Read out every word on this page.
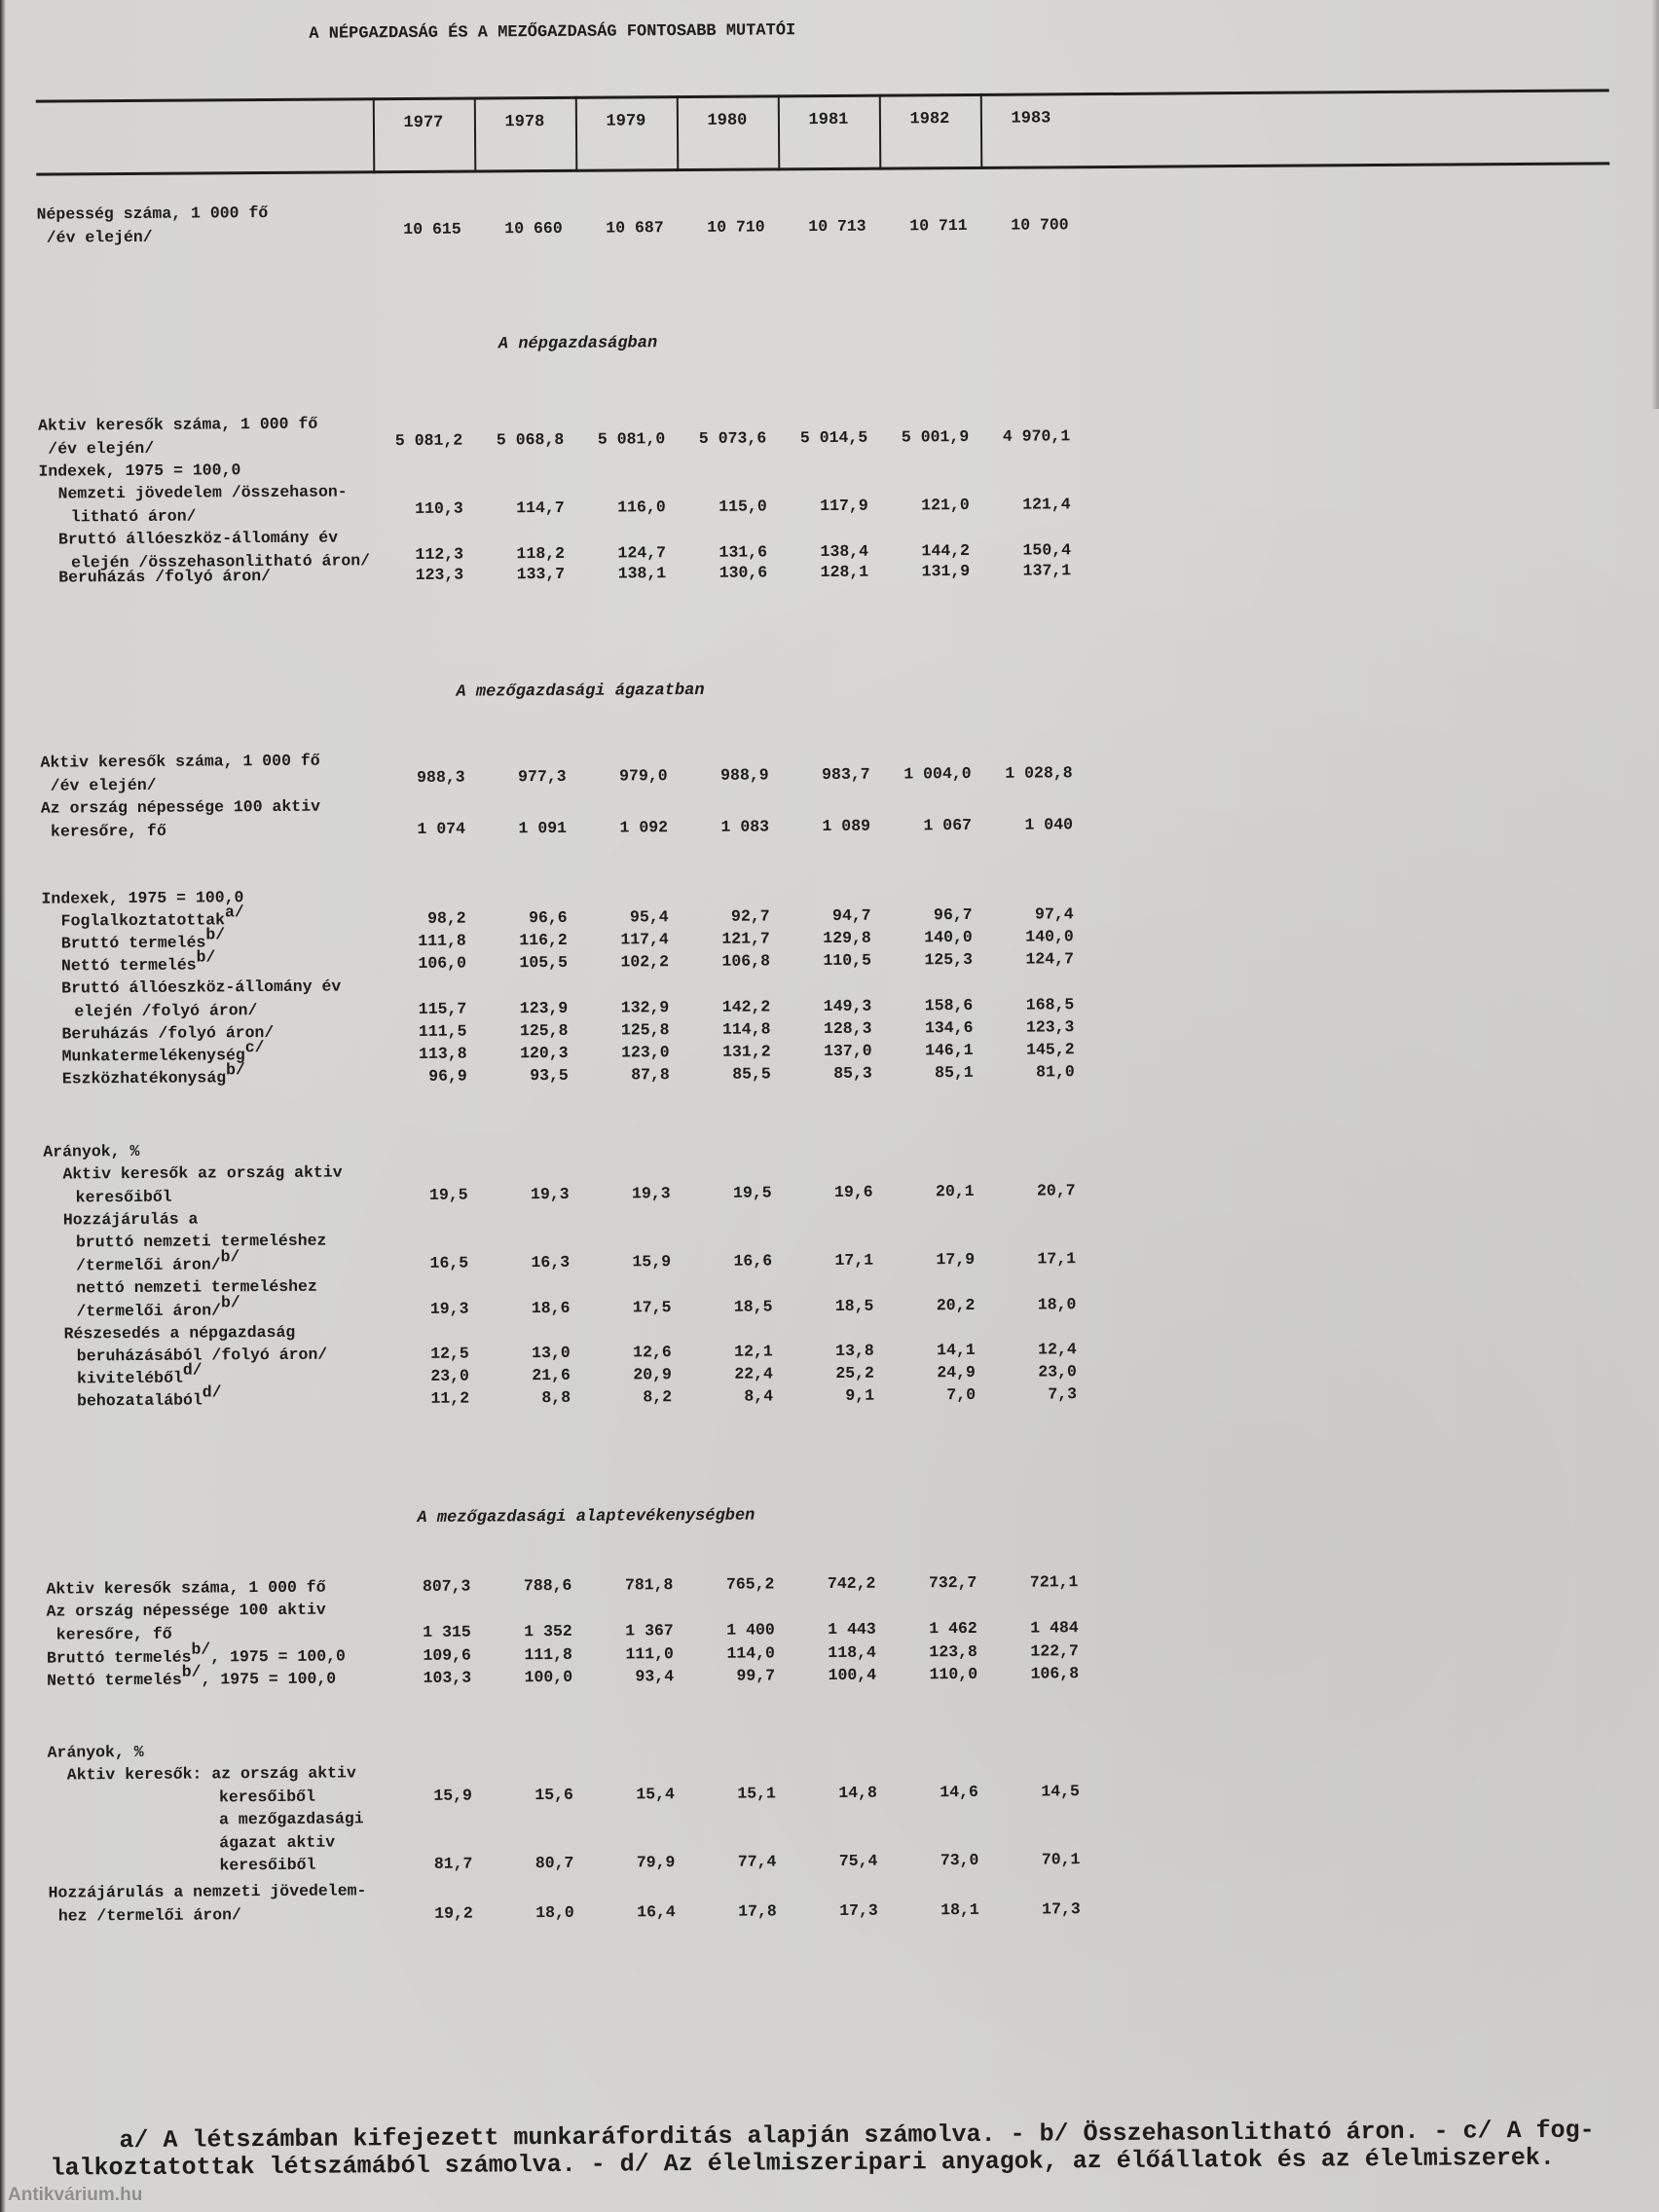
A NÉPGAZDASÁG ÉS A MEZŐGAZDASÁG FONTOSABB MUTATÓI
1977	1978	1979	1980	1981	1982	1983
Népesség száma, 1 000 fő
/év elején/	10 615	10 660	10 687	10 710	10 713	10 711	10 700
A népgazdaságban
Aktiv keresők száma, 1 000 fő
/év elején/	5 081,2	5 068,8	5 081,0	5 073,6	5 014,5	5 001,9	4 970,1
Indexek, 1975 = 100,0
Nemzeti jövedelem /összehason-
litható áron/	110,3	114,7	116,0	115,0	117,9	121,0	121,4
Bruttó állóeszköz-állomány év
elején /összehasonlitható áron/	112,3	118,2	124,7	131,6	138,4	144,2	150,4
Beruházás /folyó áron/	123,3	133,7	138,1	130,6	128,1	131,9	137,1
A mezőgazdasági ágazatban
Aktiv keresők száma, 1 000 fő
/év elején/	988,3	977,3	979,0	988,9	983,7	1 004,0	1 028,8
Az ország népessége 100 aktiv
keresőre, fő	1 074	1 091	1 092	1 083	1 089	1 067	1 040
Indexek, 1975 = 100,0
Foglalkoztatottak$^{a/}$	98,2	96,6	95,4	92,7	94,7	96,7	97,4
Bruttó termelés$^{b/}$	111,8	116,2	117,4	121,7	129,8	140,0	140,0
Nettó termelés$^{b/}$	106,0	105,5	102,2	106,8	110,5	125,3	124,7
Bruttó állóeszköz-állomány év
elején /folyó áron/	115,7	123,9	132,9	142,2	149,3	158,6	168,5
Beruházás /folyó áron/	111,5	125,8	125,8	114,8	128,3	134,6	123,3
Munkatermelékenység$^{c/}$	113,8	120,3	123,0	131,2	137,0	146,1	145,2
Eszközhatékonyság$^{b/}$	96,9	93,5	87,8	85,5	85,3	85,1	81,0
Arányok, %
Aktiv keresők az ország aktiv
keresőiből	19,5	19,3	19,3	19,5	19,6	20,1	20,7
Hozzájárulás a
bruttó nemzeti termeléshez
/termelői áron/$^{b/}$	16,5	16,3	15,9	16,6	17,1	17,9	17,1
nettó nemzeti termeléshez
/termelői áron/$^{b/}$	19,3	18,6	17,5	18,5	18,5	20,2	18,0
Részesedés a népgazdaság
beruházásából /folyó áron/	12,5	13,0	12,6	12,1	13,8	14,1	12,4
kiviteléből$^{d/}$	23,0	21,6	20,9	22,4	25,2	24,9	23,0
behozatalából$^{d/}$	11,2	8,8	8,2	8,4	9,1	7,0	7,3
A mezőgazdasági alaptevékenységben
Aktiv keresők száma, 1 000 fő	807,3	788,6	781,8	765,2	742,2	732,7	721,1
Az ország népessége 100 aktiv
keresőre, fő	1 315	1 352	1 367	1 400	1 443	1 462	1 484
Bruttó termelés$^{b/}$, 1975 = 100,0	109,6	111,8	111,0	114,0	118,4	123,8	122,7
Nettó termelés$^{b/}$, 1975 = 100,0	103,3	100,0	93,4	99,7	100,4	110,0	106,8
Arányok, %
Aktiv keresők: az ország aktiv
keresőiből	15,9	15,6	15,4	15,1	14,8	14,6	14,5
a mezőgazdasági
ágazat aktiv
keresőiből	81,7	80,7	79,9	77,4	75,4	73,0	70,1
Hozzájárulás a nemzeti jövedelem-
hez /termelői áron/	19,2	18,0	16,4	17,8	17,3	18,1	17,3
a/ A létszámban kifejezett munkaráforditás alapján számolva. - b/ Összehasonlitható áron. - c/ A fog-
lalkoztatottak létszámából számolva. - d/ Az élelmiszeripari anyagok, az élőállatok és az élelmiszerek.
Antikvárium.hu
